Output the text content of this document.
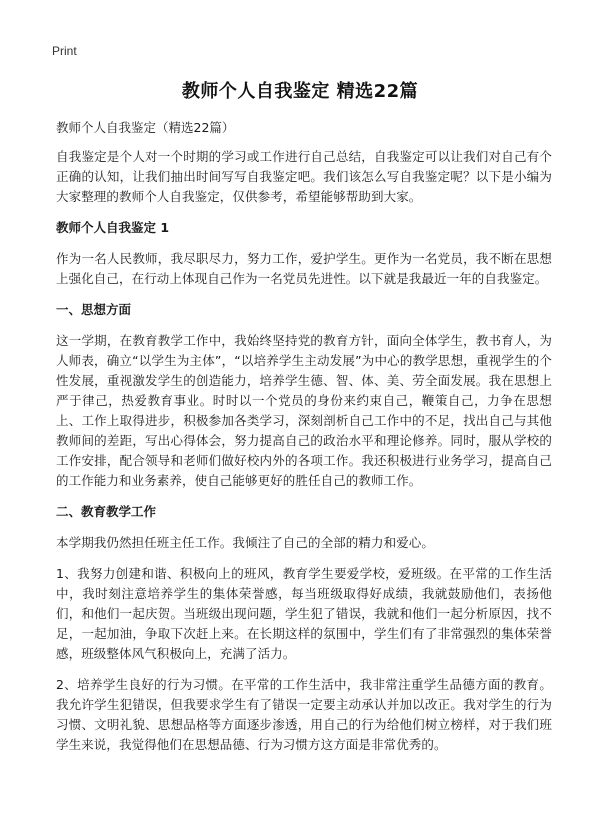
Print
教师个人自我鉴定 精选22篇

教师个人自我鉴定（精选22篇）

自我鉴定是个人对一个时期的学习或工作进行自己总结，自我鉴定可以让我们对自己有个正确的认知，让我们抽出时间写写自我鉴定吧。我们该怎么写自我鉴定呢？以下是小编为大家整理的教师个人自我鉴定，仅供参考，希望能够帮助到大家。

教师个人自我鉴定 1

作为一名人民教师，我尽职尽力，努力工作，爱护学生。更作为一名党员，我不断在思想上强化自己，在行动上体现自己作为一名党员先进性。以下就是我最近一年的自我鉴定。

一、思想方面

这一学期，在教育教学工作中，我始终坚持党的教育方针，面向全体学生，教书育人，为人师表，确立“以学生为主体”，“以培养学生主动发展”为中心的教学思想，重视学生的个性发展，重视激发学生的创造能力，培养学生德、智、体、美、劳全面发展。我在思想上严于律己，热爱教育事业。时时以一个党员的身份来约束自己，鞭策自己，力争在思想上、工作上取得进步，积极参加各类学习，深刻剖析自己工作中的不足，找出自己与其他教师间的差距，写出心得体会，努力提高自己的政治水平和理论修养。同时，服从学校的工作安排，配合领导和老师们做好校内外的各项工作。我还积极进行业务学习，提高自己的工作能力和业务素养，使自己能够更好的胜任自己的教师工作。

二、教育教学工作

本学期我仍然担任班主任工作。我倾注了自己的全部的精力和爱心。

1、我努力创建和谐、积极向上的班风，教育学生要爱学校，爱班级。在平常的工作生活中，我时刻注意培养学生的集体荣誉感，每当班级取得好成绩，我就鼓励他们，表扬他们，和他们一起庆贺。当班级出现问题，学生犯了错误，我就和他们一起分析原因，找不足，一起加油，争取下次赶上来。在长期这样的氛围中，学生们有了非常强烈的集体荣誉感，班级整体风气积极向上，充满了活力。

2、培养学生良好的行为习惯。在平常的工作生活中，我非常注重学生品德方面的教育。我允许学生犯错误，但我要求学生有了错误一定要主动承认并加以改正。我对学生的行为习惯、文明礼貌、思想品格等方面逐步渗透，用自己的行为给他们树立榜样，对于我们班学生来说，我觉得他们在思想品德、行为习惯方这方面是非常优秀的。
